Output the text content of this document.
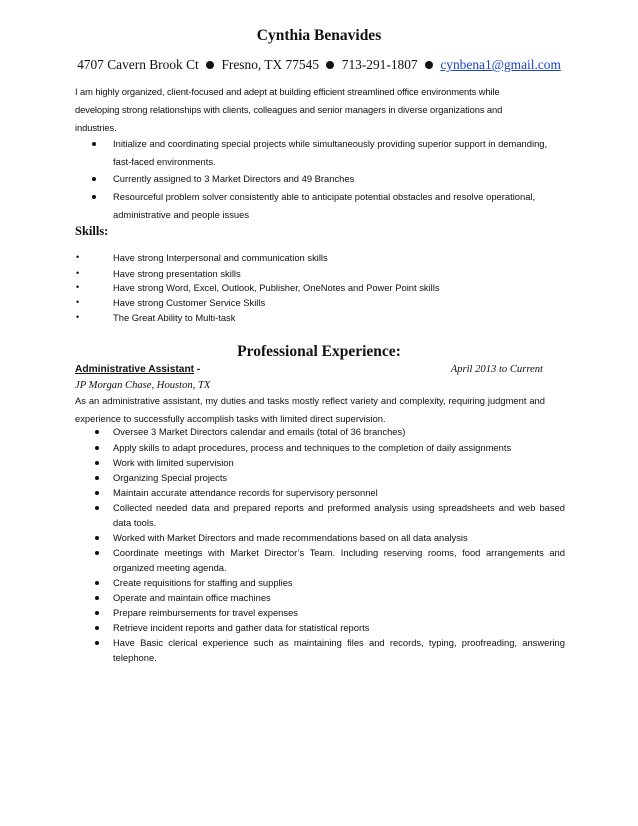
Cynthia Benavides
4707 Cavern Brook Ct Fresno, TX 77545 713-291-1807 cynbena1@gmail.com
I am highly organized, client-focused and adept at building efficient streamlined office environments while developing strong relationships with clients, colleagues and senior managers in diverse organizations and industries.
Initialize and coordinating special projects while simultaneously providing superior support in demanding, fast-faced environments.
Currently assigned to 3 Market Directors and 49 Branches
Resourceful problem solver consistently able to anticipate potential obstacles and resolve operational, administrative and people issues
Skills:
•	Have strong Interpersonal and communication skills
•	Have strong presentation skills
•	Have strong Word, Excel, Outlook, Publisher, OneNotes and Power Point skills
•	Have strong Customer Service Skills
•	The Great Ability to Multi-task
Professional Experience:
Administrative Assistant -	April 2013 to Current
JP Morgan Chase, Houston, TX
As an administrative assistant, my duties and tasks mostly reflect variety and complexity, requiring judgment and experience to successfully accomplish tasks with limited direct supervision.
Oversee 3 Market Directors calendar and emails (total of 36 branches)
Apply skills to adapt procedures, process and techniques to the completion of daily assignments
Work with limited supervision
Organizing Special projects
Maintain accurate attendance records for supervisory personnel
Collected needed data and prepared reports and preformed analysis using spreadsheets and web based data tools.
Worked with Market Directors and made recommendations based on all data analysis
Coordinate meetings with Market Director’s Team. Including reserving rooms, food arrangements and organized meeting agenda.
Create requisitions for staffing and supplies
Operate and maintain office machines
Prepare reimbursements for travel expenses
Retrieve incident reports and gather data for statistical reports
Have Basic clerical experience such as maintaining files and records, typing, proofreading, answering telephone.
